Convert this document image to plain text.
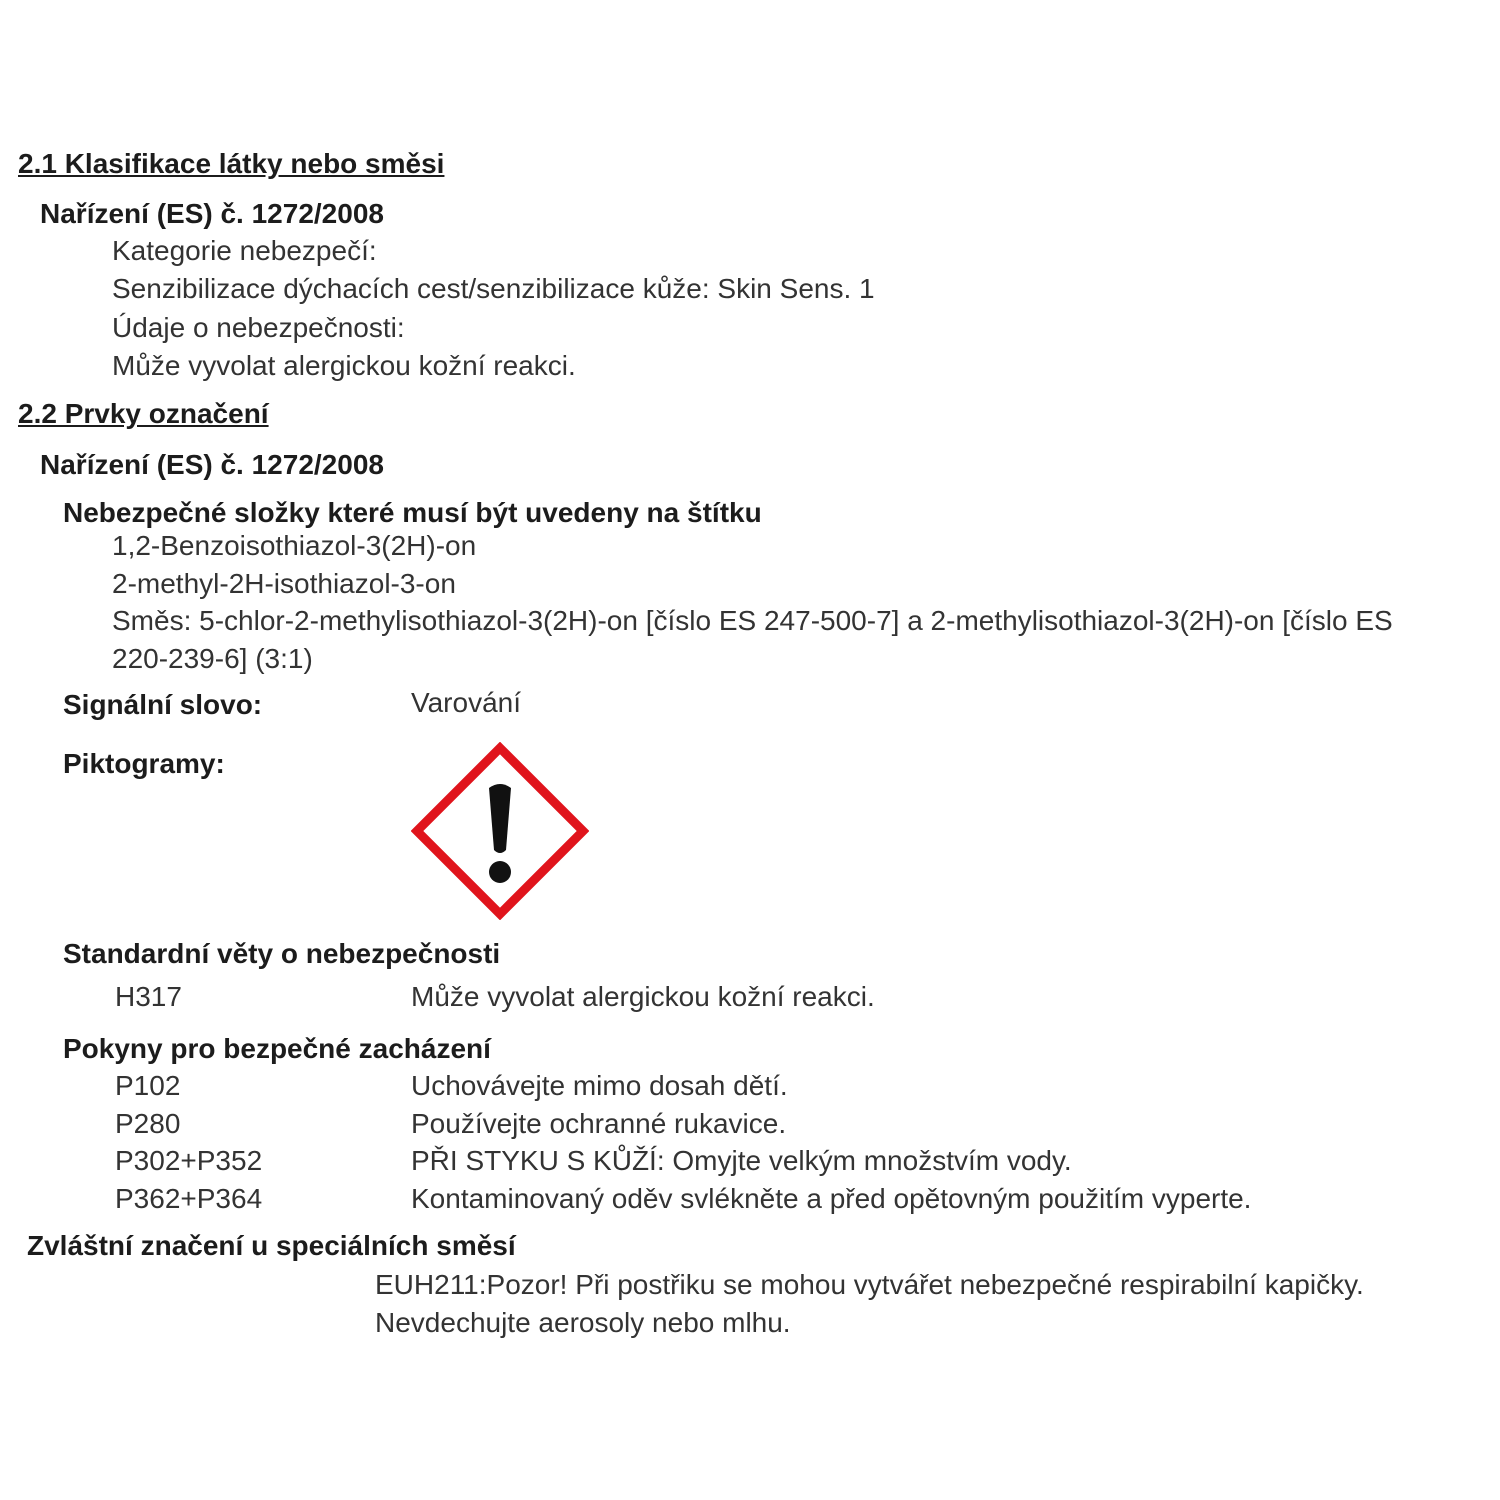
2.1 Klasifikace látky nebo směsi
Nařízení (ES) č. 1272/2008
Kategorie nebezpečí:
Senzibilizace dýchacích cest/senzibilizace kůže: Skin Sens. 1
Údaje o nebezpečnosti:
Může vyvolat alergickou kožní reakci.
2.2 Prvky označení
Nařízení (ES) č. 1272/2008
Nebezpečné složky které musí být uvedeny na štítku
1,2-Benzoisothiazol-3(2H)-on
2-methyl-2H-isothiazol-3-on
Směs: 5-chlor-2-methylisothiazol-3(2H)-on [číslo ES 247-500-7] a 2-methylisothiazol-3(2H)-on [číslo ES
220-239-6] (3:1)
Signální slovo:	Varování
Piktogramy:
Standardní věty o nebezpečnosti
H317	Může vyvolat alergickou kožní reakci.
Pokyny pro bezpečné zacházení
P102	Uchovávejte mimo dosah dětí.
P280	Používejte ochranné rukavice.
P302+P352	PŘI STYKU S KŮŽÍ: Omyjte velkým množstvím vody.
P362+P364	Kontaminovaný oděv svlékněte a před opětovným použitím vyperte.
Zvláštní značení u speciálních směsí
EUH211:Pozor! Při postřiku se mohou vytvářet nebezpečné respirabilní kapičky.
Nevdechujte aerosoly nebo mlhu.
